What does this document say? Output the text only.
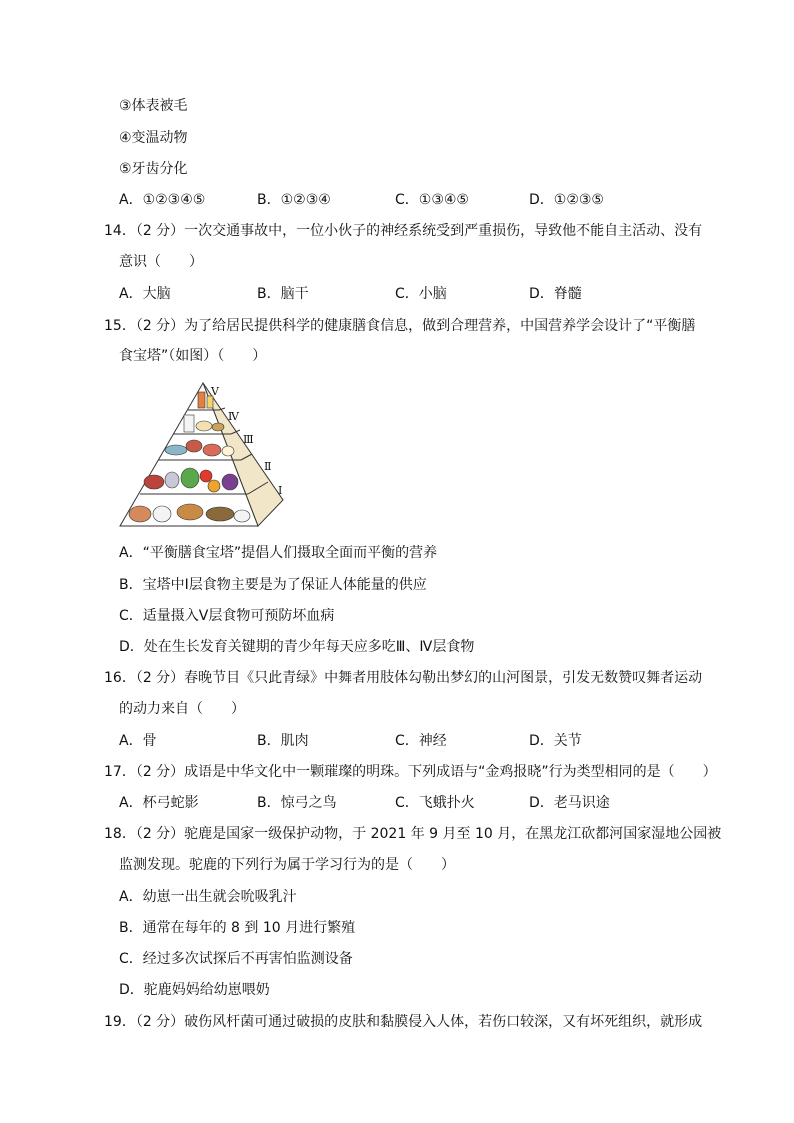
③体表被毛
④变温动物
⑤牙齿分化
A．①②③④⑤	B．①②③④	C．①③④⑤	D．①②③⑤
14．（2 分）一次交通事故中，一位小伙子的神经系统受到严重损伤，导致他不能自主活动、没有
意识（　　）
A．大脑	B．脑干	C．小脑	D．脊髓
15．（2 分）为了给居民提供科学的健康膳食信息，做到合理营养，中国营养学会设计了“平衡膳
食宝塔”（如图）（　　）
Ⅴ
Ⅳ
Ⅲ
Ⅱ
Ⅰ
A．“平衡膳食宝塔”提倡人们摄取全面而平衡的营养
B．宝塔中Ⅰ层食物主要是为了保证人体能量的供应
C．适量摄入Ⅴ层食物可预防坏血病
D．处在生长发育关键期的青少年每天应多吃Ⅲ、Ⅳ层食物
16．（2 分）春晚节目《只此青绿》中舞者用肢体勾勒出梦幻的山河图景，引发无数赞叹舞者运动
的动力来自（　　）
A．骨	B．肌肉	C．神经	D．关节
17．（2 分）成语是中华文化中一颗璀璨的明珠。下列成语与“金鸡报晓”行为类型相同的是（　　）
A．杯弓蛇影	B．惊弓之鸟	C．飞蛾扑火	D．老马识途
18．（2 分）驼鹿是国家一级保护动物，于 2021 年 9 月至 10 月，在黑龙江砍都河国家湿地公园被
监测发现。驼鹿的下列行为属于学习行为的是（　　）
A．幼崽一出生就会吮吸乳汁
B．通常在每年的 8 到 10 月进行繁殖
C．经过多次试探后不再害怕监测设备
D．驼鹿妈妈给幼崽喂奶
19．（2 分）破伤风杆菌可通过破损的皮肤和黏膜侵入人体，若伤口较深，又有坏死组织，就形成
